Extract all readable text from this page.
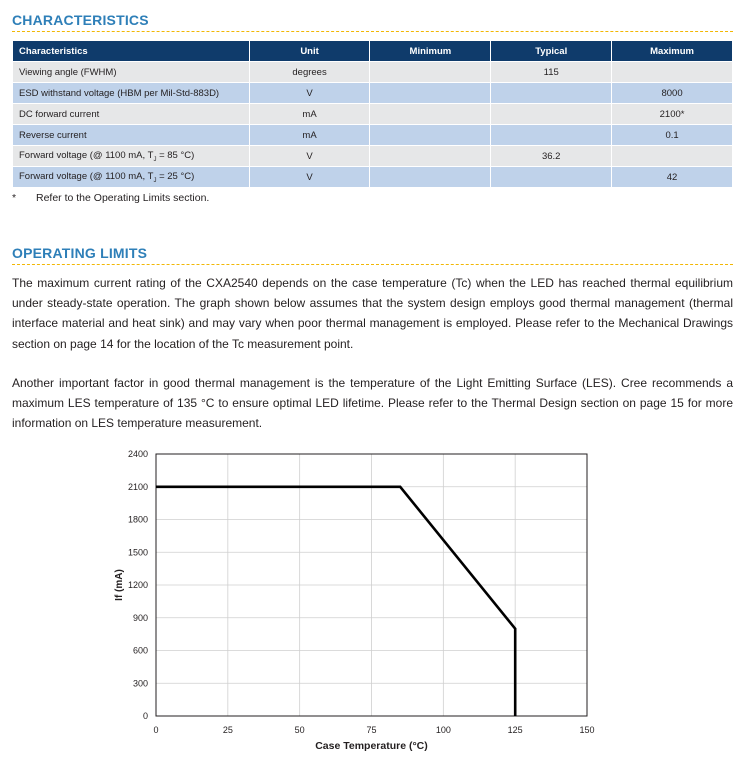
CHARACTERISTICS
Characteristics	Unit	Minimum	Typical	Maximum
Viewing angle (FWHM)	degrees		115	
ESD withstand voltage (HBM per Mil-Std-883D)	V			8000
DC forward current	mA			2100*
Reverse current	mA			0.1
Forward voltage (@ 1100 mA, $T_J = 85$ °C)	V		36.2	
Forward voltage (@ 1100 mA, $T_J = 25$ °C)	V			42
* Refer to the Operating Limits section.
OPERATING LIMITS

The maximum current rating of the CXA2540 depends on the case temperature (Tc) when the LED has reached thermal equilibrium under steady-state operation. The graph shown below assumes that the system design employs good thermal management (thermal interface material and heat sink) and may vary when poor thermal management is employed. Please refer to the Mechanical Drawings section on page 14 for the location of the Tc measurement point.

Another important factor in good thermal management is the temperature of the Light Emitting Surface (LES). Cree recommends a maximum LES temperature of 135 °C to ensure optimal LED lifetime. Please refer to the Thermal Design section on page 15 for more information on LES temperature measurement.

0
300
600
900
1200
1500
1800
2100
2400
0	25	50	75	100	125	150
Case Temperature (°C)
If (mA)
